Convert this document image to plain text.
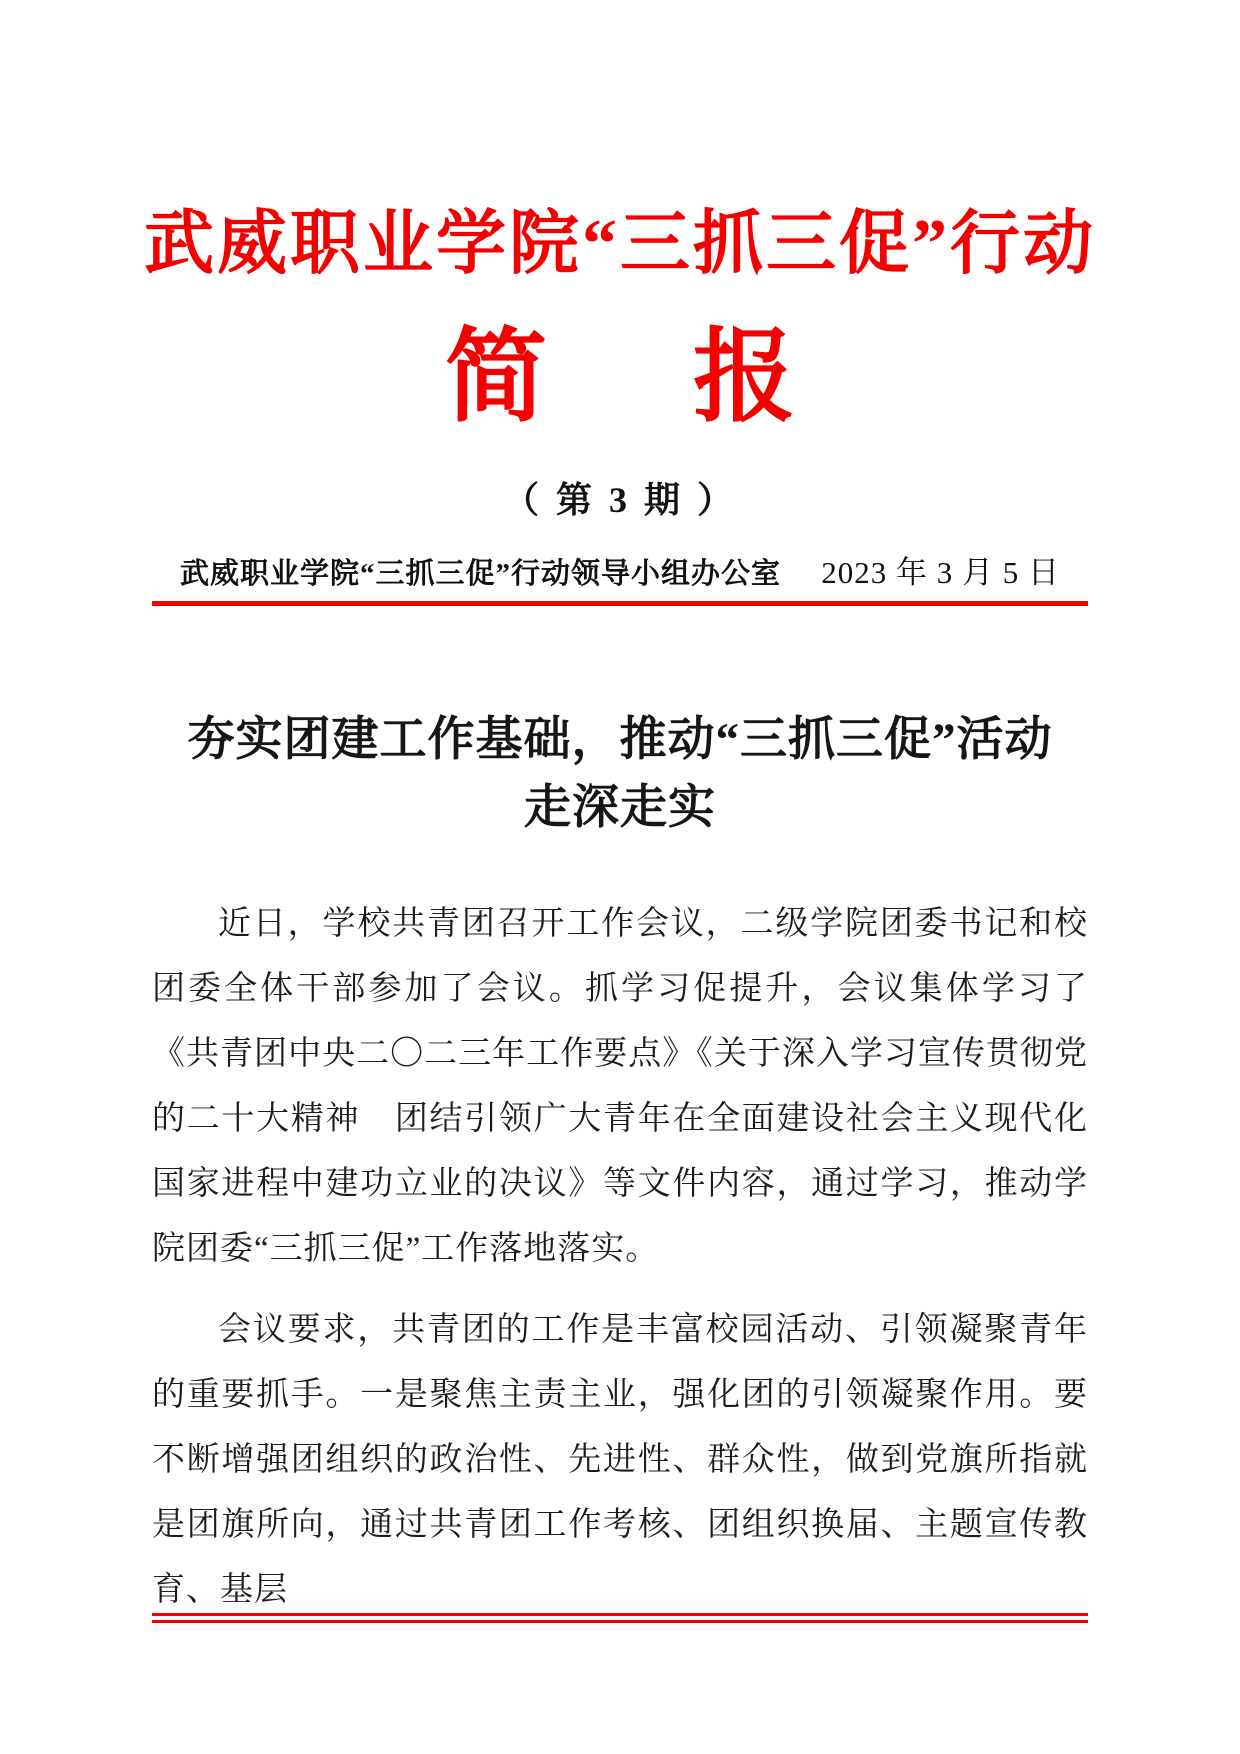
武威职业学院“三抓三促”行动
简　报
（ 第 3 期 ）
武威职业学院“三抓三促”行动领导小组办公室 2023 年 3 月 5 日
夯实团建工作基础，推动“三抓三促”活动
走深走实

近日，学校共青团召开工作会议，二级学院团委书记和校团委全体干部参加了会议。抓学习促提升，会议集体学习了《共青团中央二〇二三年工作要点》《关于深入学习宣传贯彻党的二十大精神　团结引领广大青年在全面建设社会主义现代化国家进程中建功立业的决议》等文件内容，通过学习，推动学院团委“三抓三促”工作落地落实。

会议要求，共青团的工作是丰富校园活动、引领凝聚青年的重要抓手。一是聚焦主责主业，强化团的引领凝聚作用。要不断增强团组织的政治性、先进性、群众性，做到党旗所指就是团旗所向，通过共青团工作考核、团组织换届、主题宣传教育、基层
